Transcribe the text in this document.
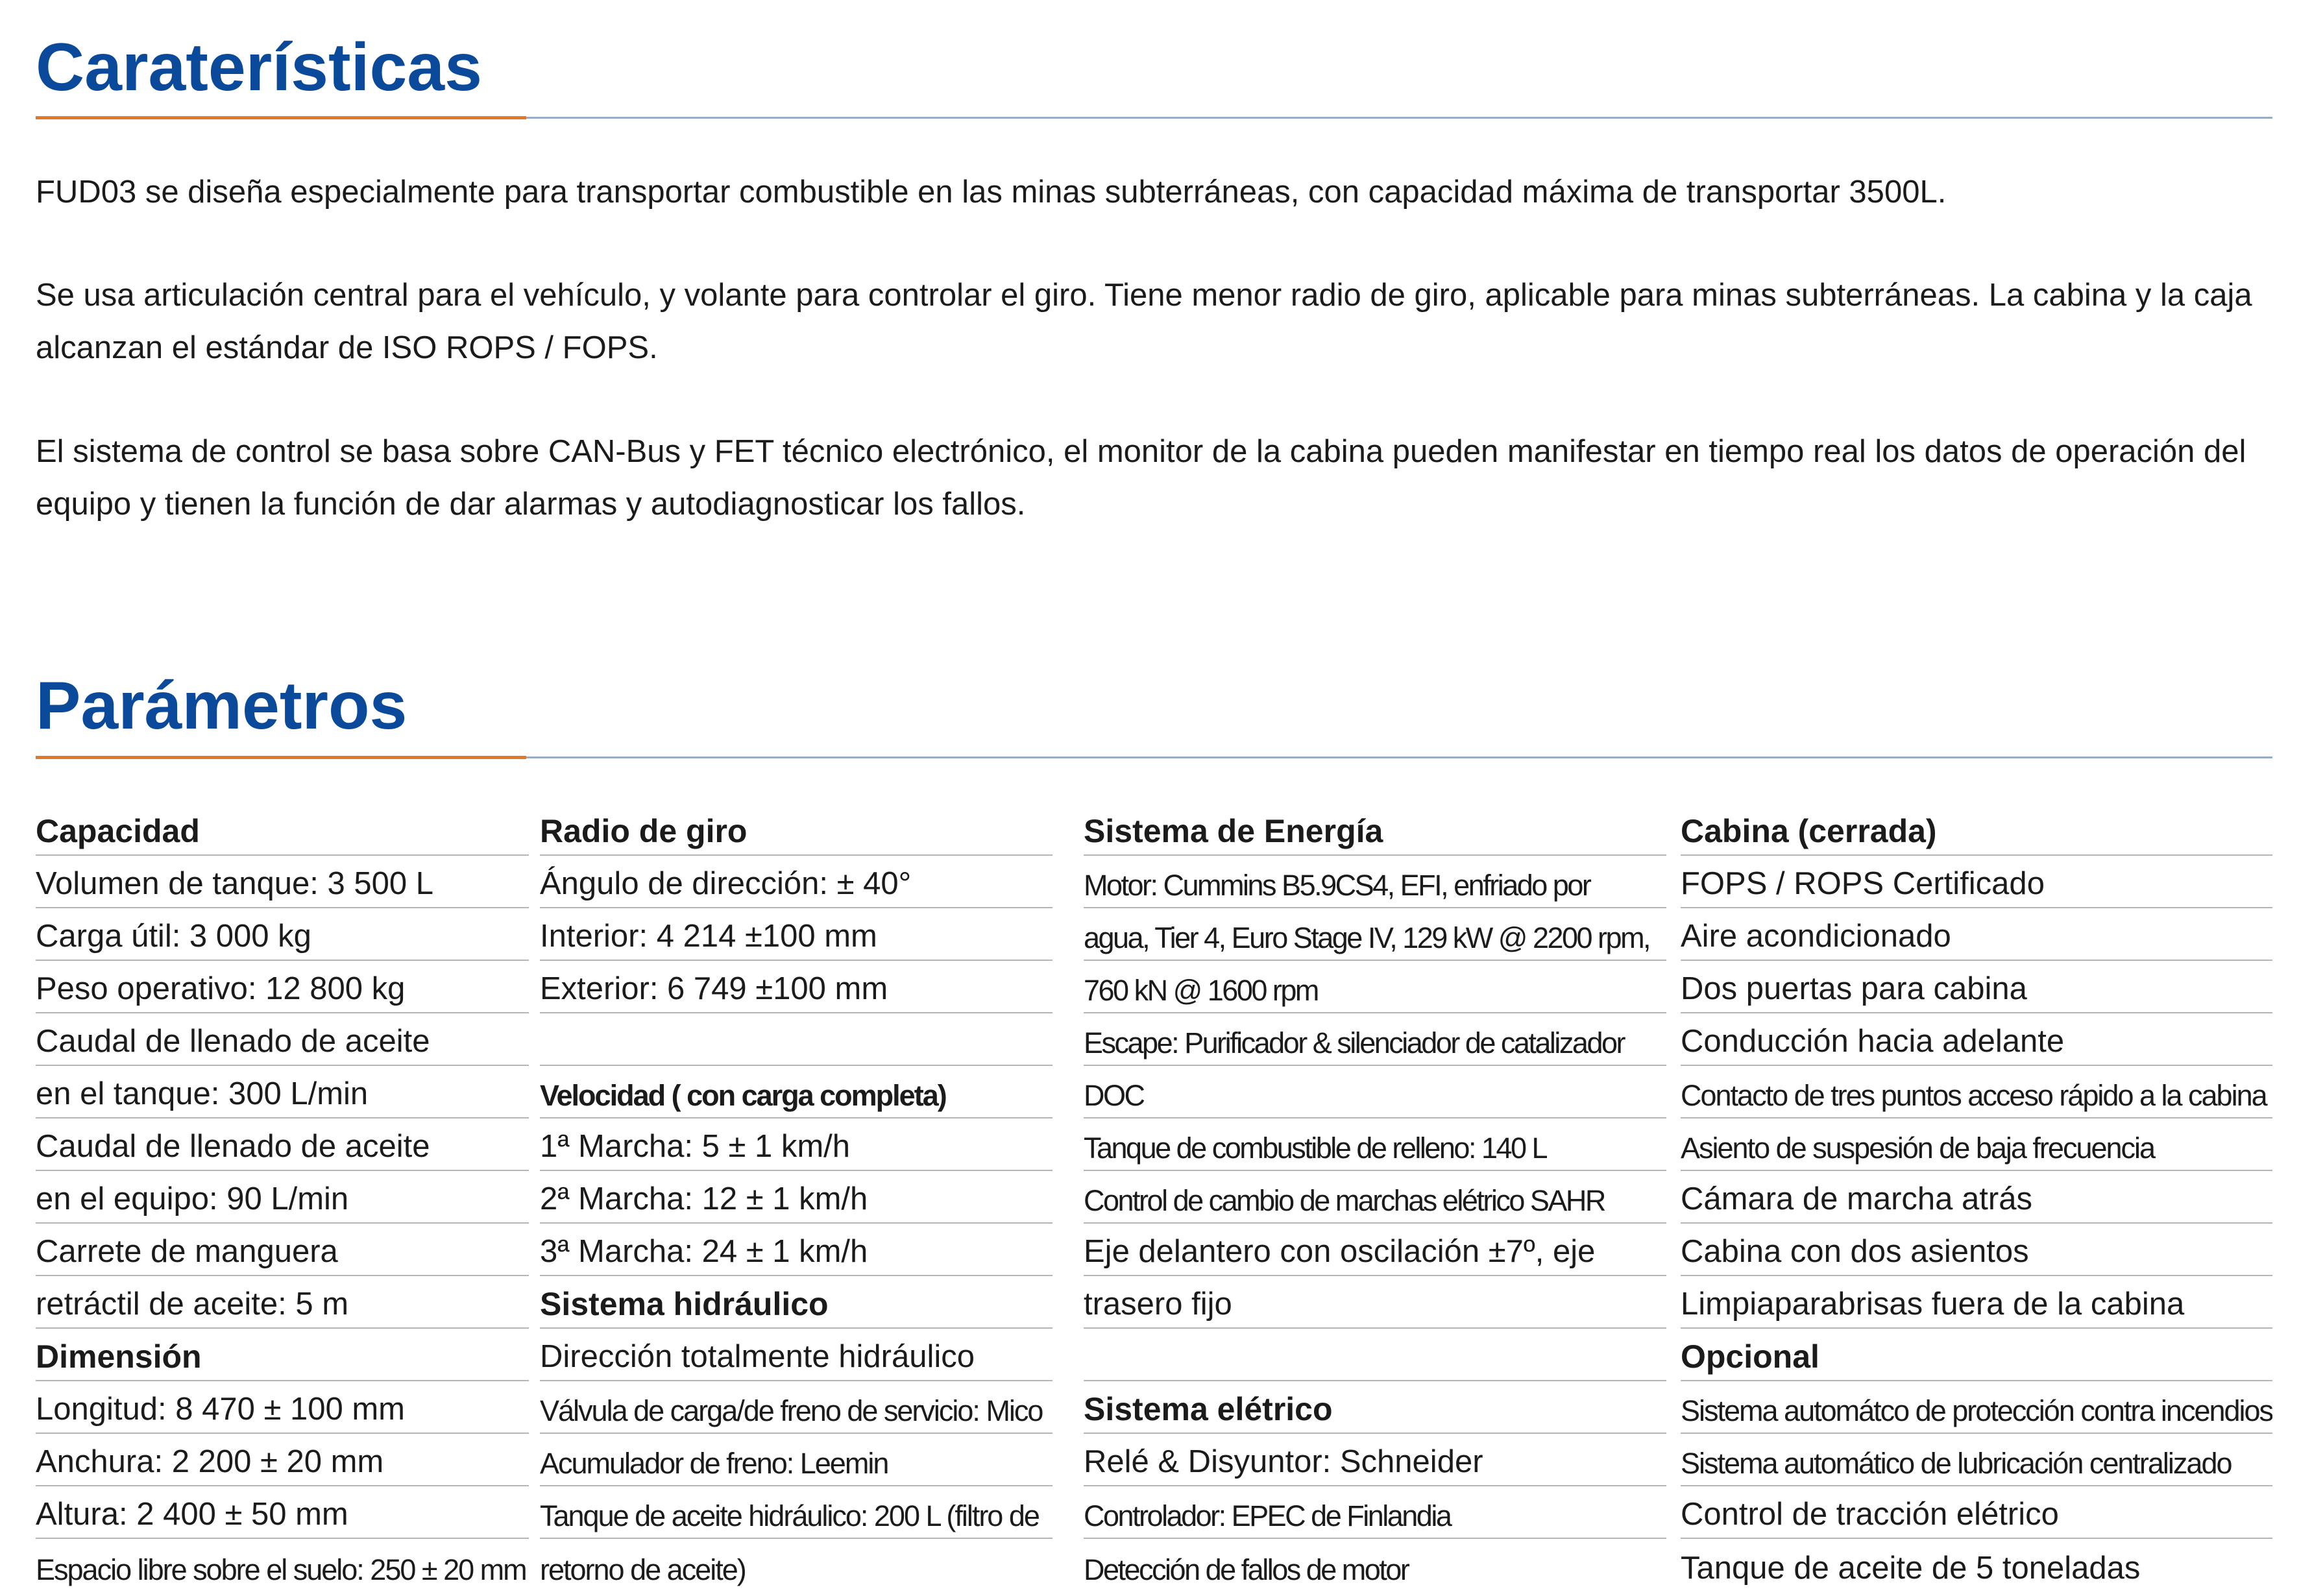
Caraterísticas

FUD03 se diseña especialmente para transportar combustible en las minas subterráneas, con capacidad máxima de transportar 3500L.

Se usa articulación central para el vehículo, y volante para controlar el giro. Tiene menor radio de giro, aplicable para minas subterráneas. La cabina y la caja alcanzan el estándar de ISO ROPS / FOPS.

El sistema de control se basa sobre CAN-Bus y FET técnico electrónico, el monitor de la cabina pueden manifestar en tiempo real los datos de operación del equipo y tienen la función de dar alarmas y autodiagnosticar los fallos.

Parámetros
Capacidad
Volumen de tanque: 3 500 L
Carga útil: 3 000 kg
Peso operativo: 12 800 kg
Caudal de llenado de aceite
en el tanque: 300 L/min
Caudal de llenado de aceite
en el equipo: 90 L/min
Carrete de manguera
retráctil de aceite: 5 m
Dimensión
Longitud: 8 470 ± 100 mm
Anchura: 2 200 ± 20 mm
Altura: 2 400 ± 50 mm
Espacio libre sobre el suelo: 250 ± 20 mm
Radio de giro
Ángulo de dirección: ± 40°
Interior: 4 214 ±100 mm
Exterior: 6 749 ±100 mm
Velocidad ( con carga completa)
1ª Marcha: 5 ± 1 km/h
2ª Marcha: 12 ± 1 km/h
3ª Marcha: 24 ± 1 km/h
Sistema hidráulico
Dirección totalmente hidráulico
Válvula de carga/de freno de servicio: Mico
Acumulador de freno: Leemin
Tanque de aceite hidráulico: 200 L (filtro de
retorno de aceite)
Sistema de Energía
Motor: Cummins B5.9CS4, EFI, enfriado por
agua, Tier 4, Euro Stage IV, 129 kW @ 2200 rpm,
760 kN @ 1600 rpm
Escape: Purificador & silenciador de catalizador
DOC
Tanque de combustible de relleno: 140 L
Control de cambio de marchas elétrico SAHR
Eje delantero con oscilación ±7º, eje
trasero fijo
Sistema elétrico
Relé & Disyuntor: Schneider
Controlador: EPEC de Finlandia
Detección de fallos de motor
Cabina (cerrada)
FOPS / ROPS Certificado
Aire acondicionado
Dos puertas para cabina
Conducción hacia adelante
Contacto de tres puntos acceso rápido a la cabina
Asiento de suspesión de baja frecuencia
Cámara de marcha atrás
Cabina con dos asientos
Limpiaparabrisas fuera de la cabina
Opcional
Sistema automátco de protección contra incendios
Sistema automático de lubricación centralizado
Control de tracción elétrico
Tanque de aceite de 5 toneladas
